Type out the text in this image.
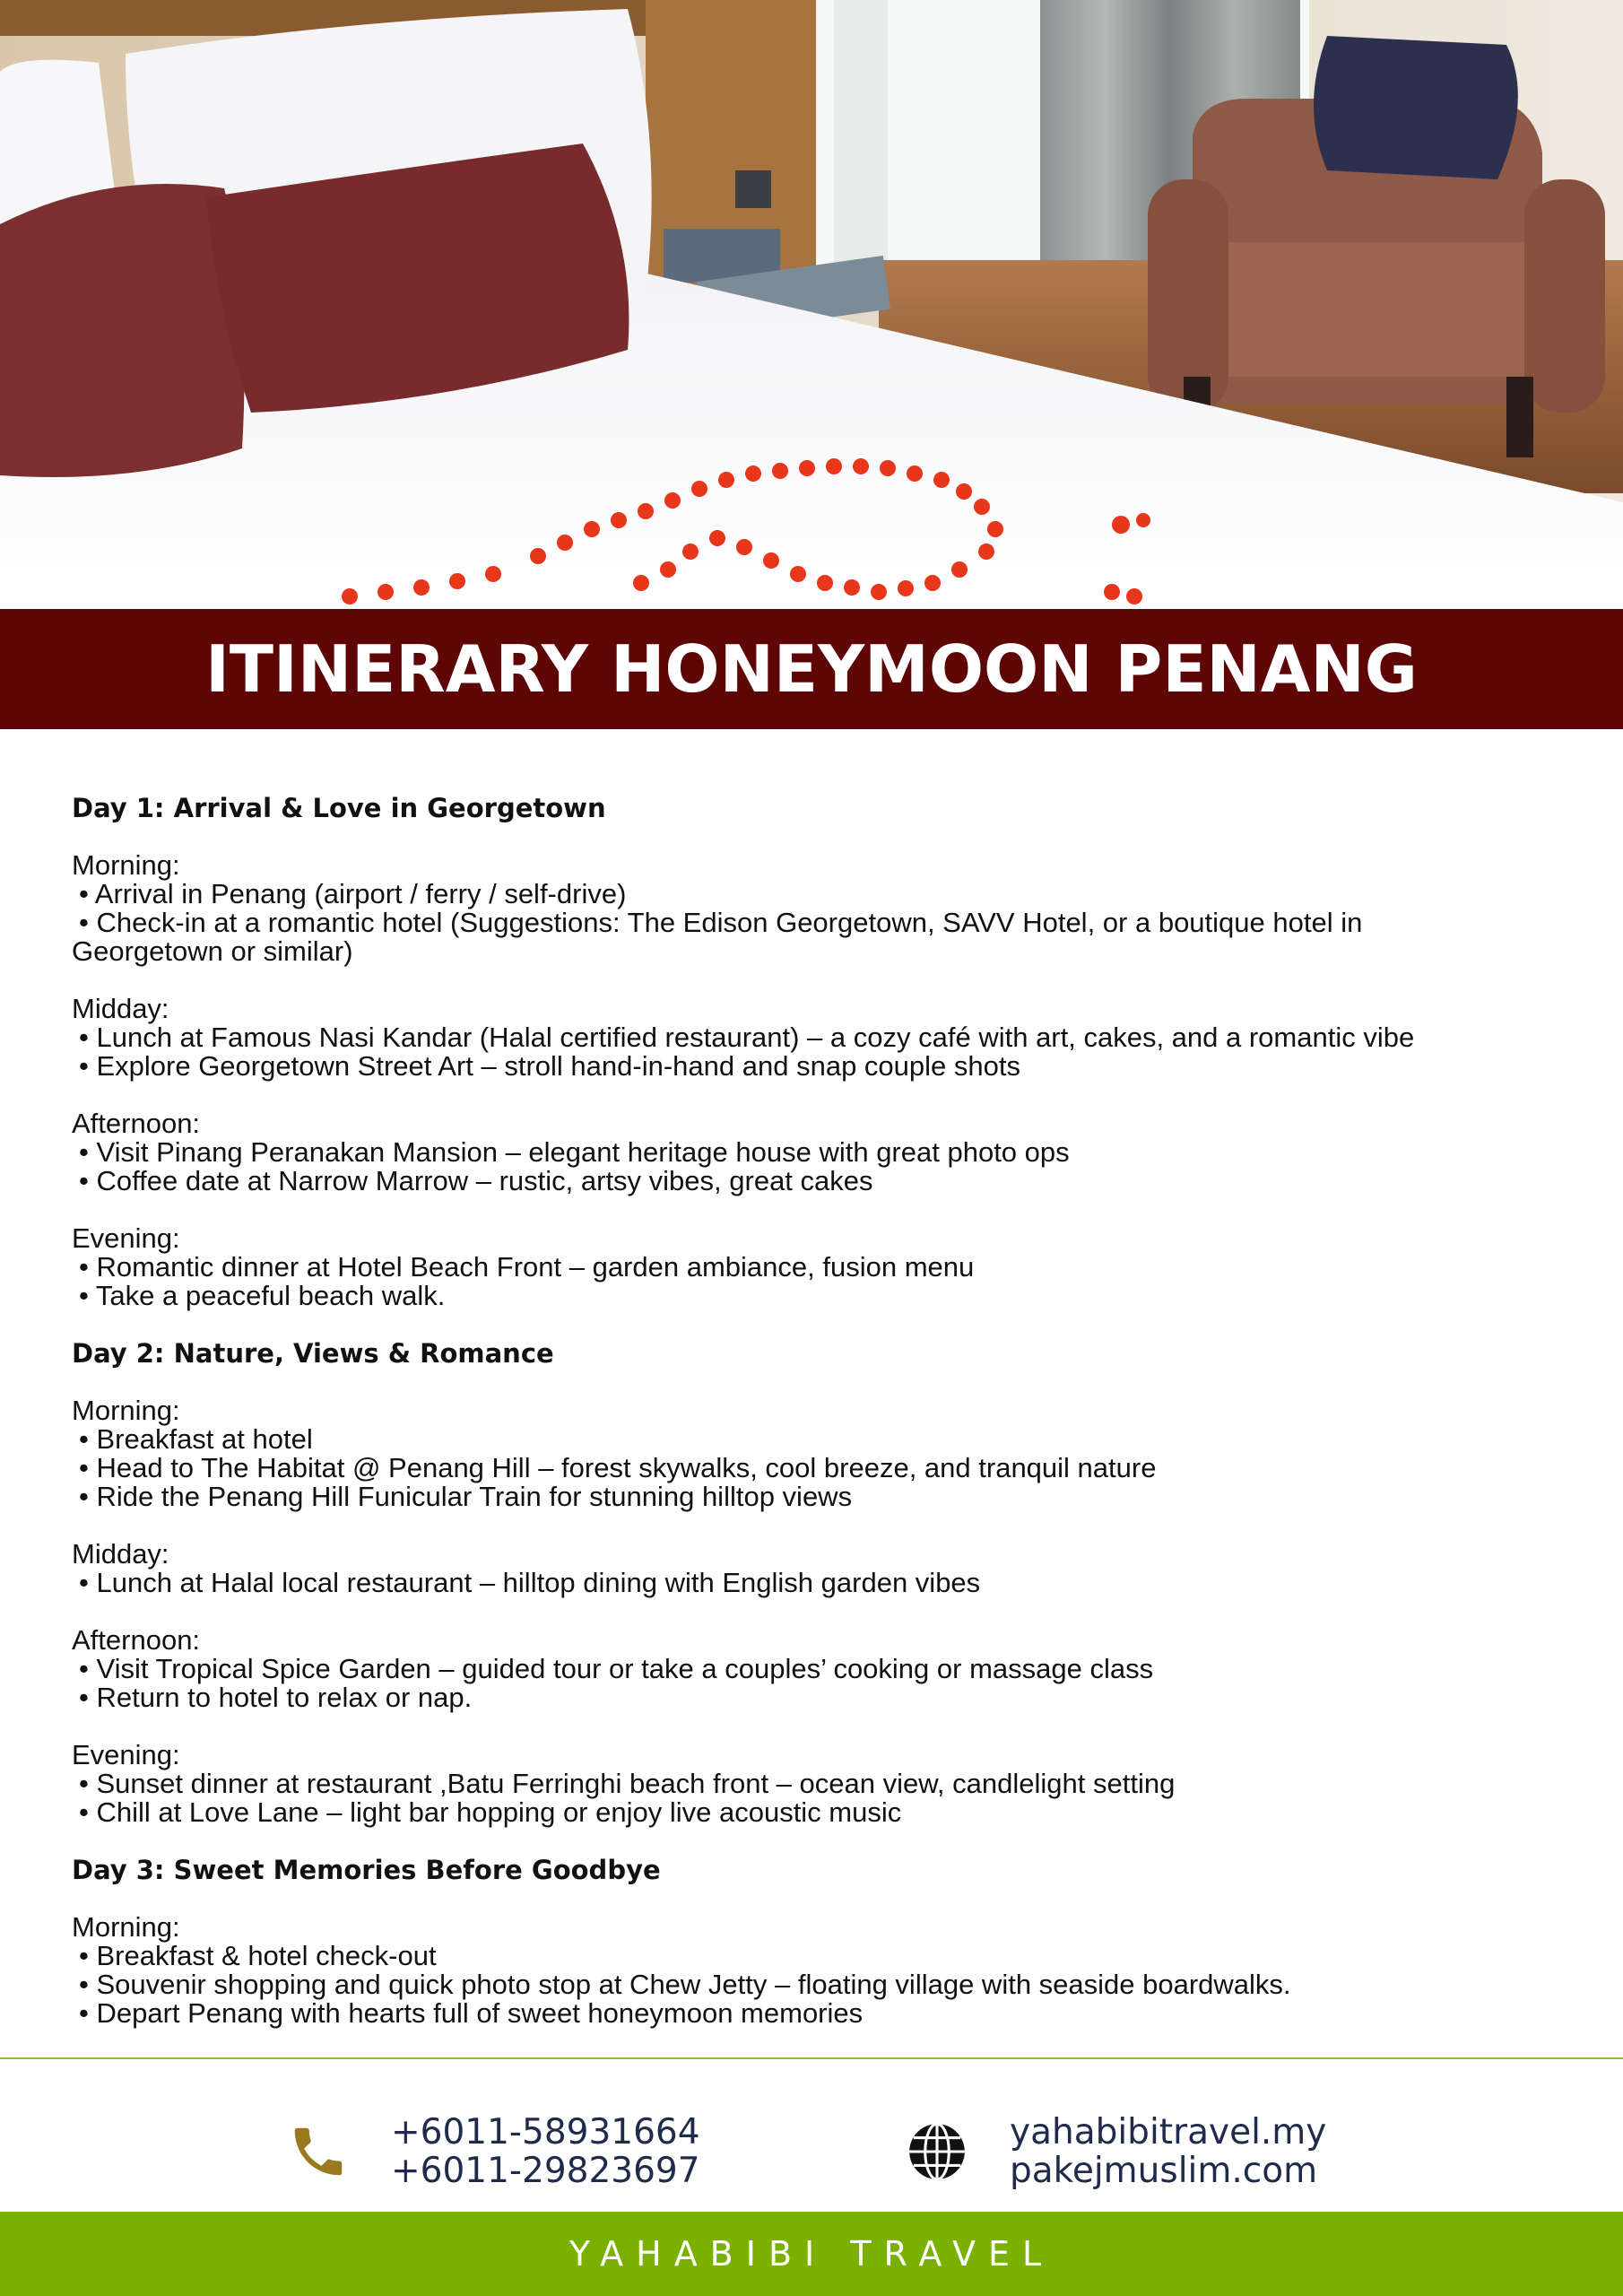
ITINERARY HONEYMOON PENANG

Day 1: Arrival & Love in Georgetown

Morning:

• Arrival in Penang (airport / ferry / self-drive)

• Check-in at a romantic hotel (Suggestions: The Edison Georgetown, SAVV Hotel, or a boutique hotel in

Georgetown or similar)

Midday:

• Lunch at Famous Nasi Kandar (Halal certified restaurant) – a cozy café with art, cakes, and a romantic vibe

• Explore Georgetown Street Art – stroll hand-in-hand and snap couple shots

Afternoon:

• Visit Pinang Peranakan Mansion – elegant heritage house with great photo ops

• Coffee date at Narrow Marrow – rustic, artsy vibes, great cakes

Evening:

• Romantic dinner at Hotel Beach Front – garden ambiance, fusion menu

• Take a peaceful beach walk.

Day 2: Nature, Views & Romance

Morning:

• Breakfast at hotel

• Head to The Habitat @ Penang Hill – forest skywalks, cool breeze, and tranquil nature

• Ride the Penang Hill Funicular Train for stunning hilltop views

Midday:

• Lunch at Halal local restaurant – hilltop dining with English garden vibes

Afternoon:

• Visit Tropical Spice Garden – guided tour or take a couples’ cooking or massage class

• Return to hotel to relax or nap.

Evening:

• Sunset dinner at restaurant ,Batu Ferringhi beach front – ocean view, candlelight setting

• Chill at Love Lane – light bar hopping or enjoy live acoustic music

Day 3: Sweet Memories Before Goodbye

Morning:

• Breakfast & hotel check-out

• Souvenir shopping and quick photo stop at Chew Jetty – floating village with seaside boardwalks.

• Depart Penang with hearts full of sweet honeymoon memories

+6011-58931664
+6011-29823697
yahabibitravel.my
pakejmuslim.com
YAHABIBI TRAVEL
